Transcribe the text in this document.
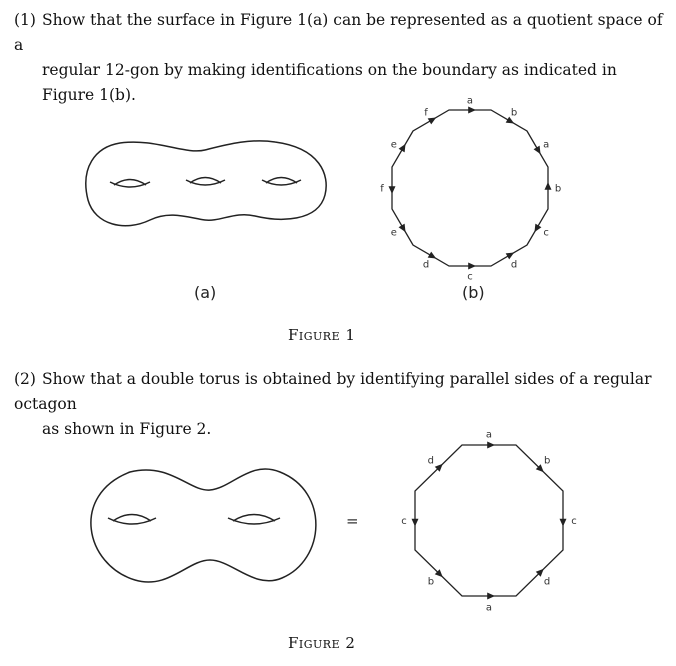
(1) Show that the surface in Figure 1(a) can be represented as a quotient space of a
regular 12-gon by making identifications on the boundary as indicated in Figure 1(b).
(a)	(b)
Figure 1
(2) Show that a double torus is obtained by identifying parallel sides of a regular octagon
as shown in Figure 2.
Figure 2
a
b
a
b
c
d
c
d
e
f
e
f
=
a
b
c
d
a
b
c
d
